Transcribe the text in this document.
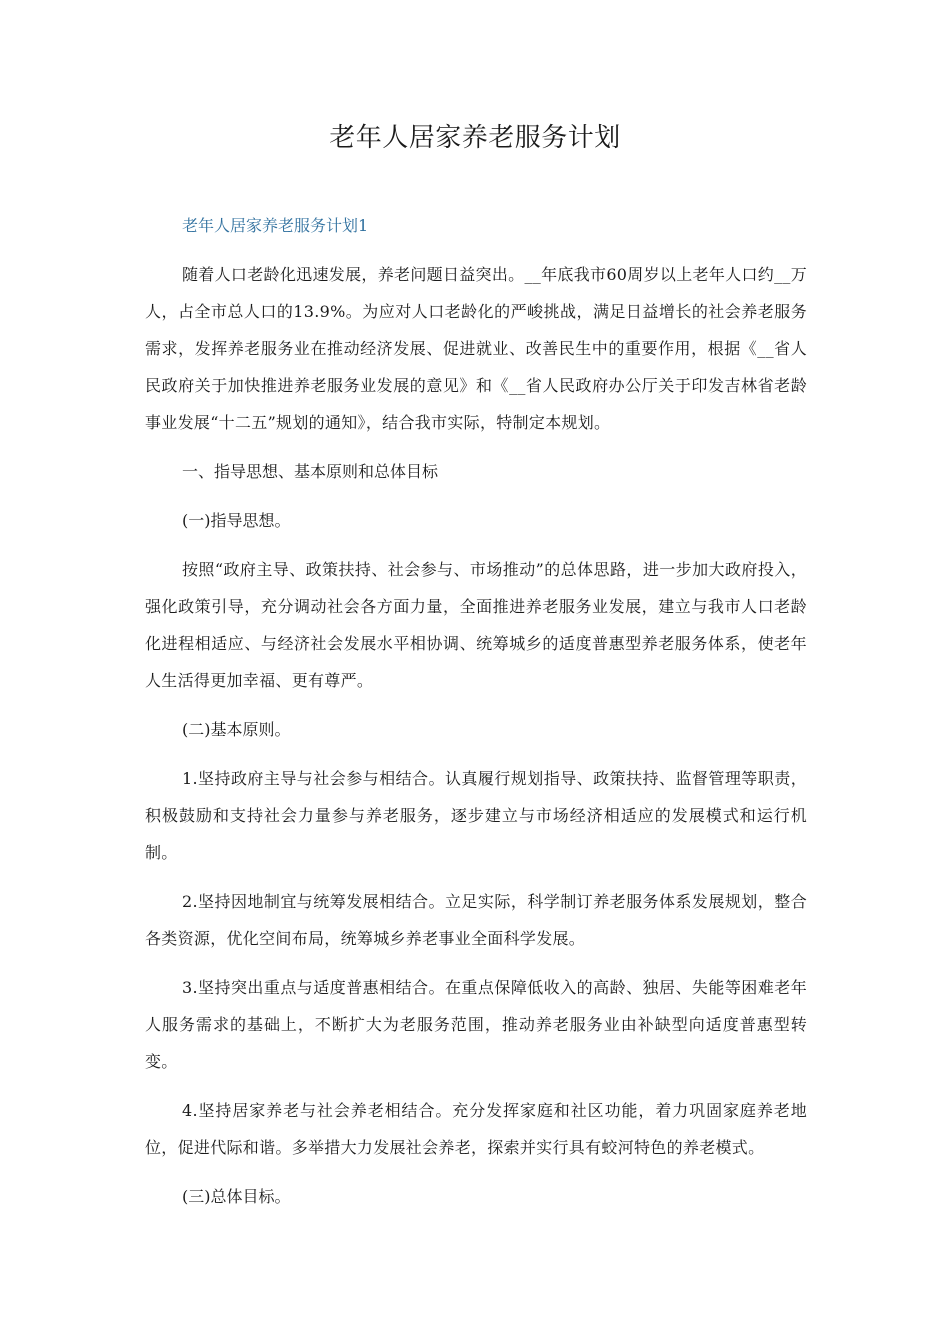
老年人居家养老服务计划
老年人居家养老服务计划1

随着人口老龄化迅速发展，养老问题日益突出。__年底我市60周岁以上老年人口约__万人，占全市总人口的13.9%。为应对人口老龄化的严峻挑战，满足日益增长的社会养老服务需求，发挥养老服务业在推动经济发展、促进就业、改善民生中的重要作用，根据《__省人民政府关于加快推进养老服务业发展的意见》和《__省人民政府办公厅关于印发吉林省老龄事业发展“十二五”规划的通知》，结合我市实际，特制定本规划。

一、指导思想、基本原则和总体目标

(一)指导思想。

按照“政府主导、政策扶持、社会参与、市场推动”的总体思路，进一步加大政府投入，强化政策引导，充分调动社会各方面力量，全面推进养老服务业发展，建立与我市人口老龄化进程相适应、与经济社会发展水平相协调、统筹城乡的适度普惠型养老服务体系，使老年人生活得更加幸福、更有尊严。

(二)基本原则。

1.坚持政府主导与社会参与相结合。认真履行规划指导、政策扶持、监督管理等职责，积极鼓励和支持社会力量参与养老服务，逐步建立与市场经济相适应的发展模式和运行机制。

2.坚持因地制宜与统筹发展相结合。立足实际，科学制订养老服务体系发展规划，整合各类资源，优化空间布局，统筹城乡养老事业全面科学发展。

3.坚持突出重点与适度普惠相结合。在重点保障低收入的高龄、独居、失能等困难老年人服务需求的基础上，不断扩大为老服务范围，推动养老服务业由补缺型向适度普惠型转变。

4.坚持居家养老与社会养老相结合。充分发挥家庭和社区功能，着力巩固家庭养老地位，促进代际和谐。多举措大力发展社会养老，探索并实行具有蛟河特色的养老模式。

(三)总体目标。
